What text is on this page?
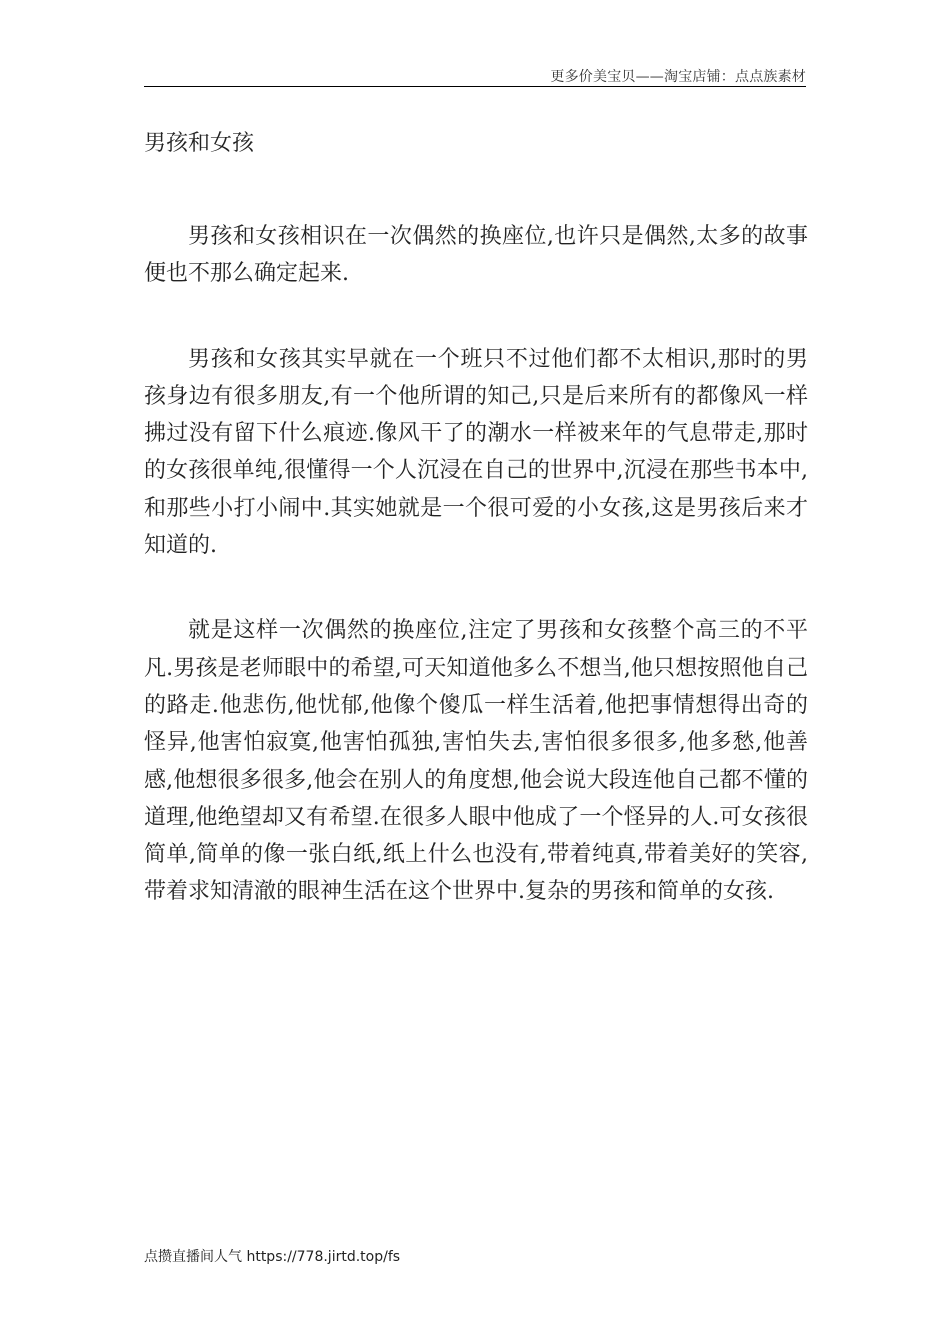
更多价美宝贝——淘宝店铺：点点族素材

男孩和女孩

男孩和女孩相识在一次偶然的换座位,也许只是偶然,太多的故事便也不那么确定起来.

男孩和女孩其实早就在一个班只不过他们都不太相识,那时的男孩身边有很多朋友,有一个他所谓的知己,只是后来所有的都像风一样拂过没有留下什么痕迹.像风干了的潮水一样被来年的气息带走,那时的女孩很单纯,很懂得一个人沉浸在自己的世界中,沉浸在那些书本中,和那些小打小闹中.其实她就是一个很可爱的小女孩,这是男孩后来才知道的.

就是这样一次偶然的换座位,注定了男孩和女孩整个高三的不平凡.男孩是老师眼中的希望,可天知道他多么不想当,他只想按照他自己的路走.他悲伤,他忧郁,他像个傻瓜一样生活着,他把事情想得出奇的怪异,他害怕寂寞,他害怕孤独,害怕失去,害怕很多很多,他多愁,他善感,他想很多很多,他会在别人的角度想,他会说大段连他自己都不懂的道理,他绝望却又有希望.在很多人眼中他成了一个怪异的人.可女孩很简单,简单的像一张白纸,纸上什么也没有,带着纯真,带着美好的笑容,带着求知清澈的眼神生活在这个世界中.复杂的男孩和简单的女孩.

点攒直播间人气 https://778.jirtd.top/fs
